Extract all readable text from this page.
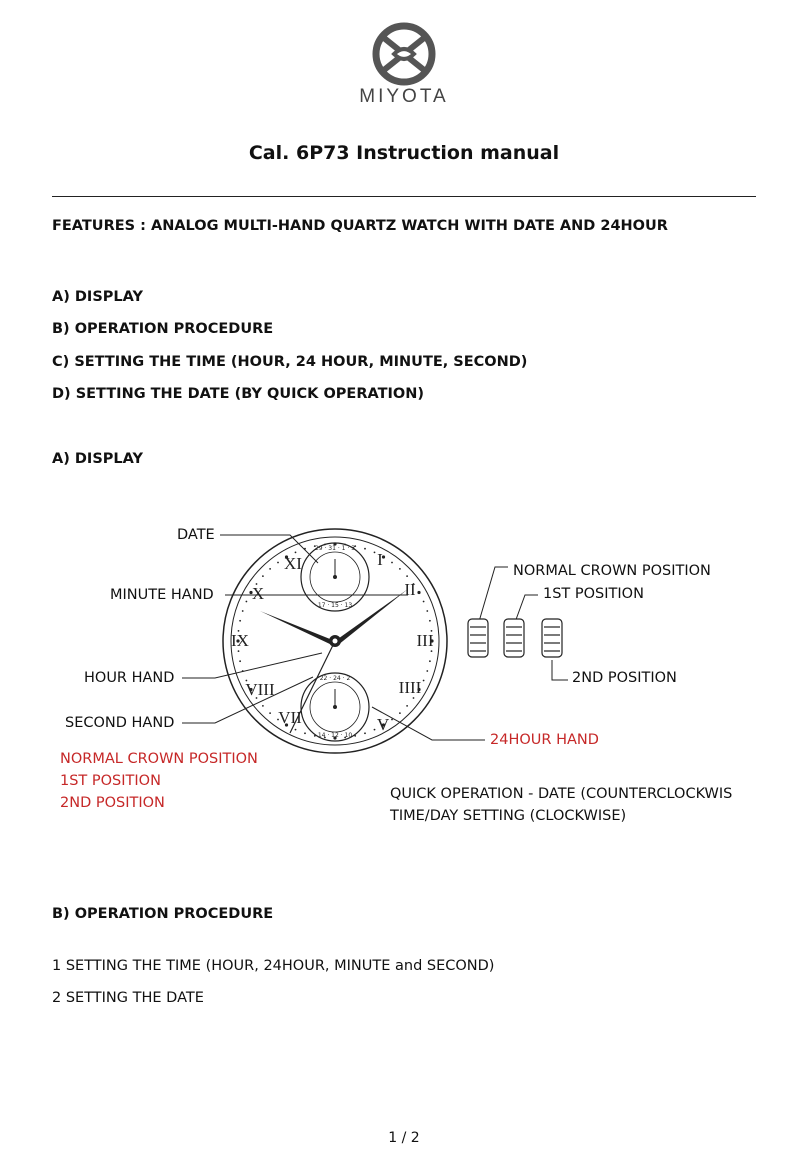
MIYOTA
Cal. 6P73 Instruction manual
FEATURES : ANALOG MULTI-HAND QUARTZ WATCH WITH DATE AND 24HOUR
A) DISPLAY
B) OPERATION PROCEDURE
C) SETTING THE TIME (HOUR, 24 HOUR, MINUTE, SECOND)
D) SETTING THE DATE (BY QUICK OPERATION)
A) DISPLAY
II
III
IIII
V
VIII
IX
X
XI	I
VII
29 · 31 · 1 · 3
17 · 15 · 13
22 · 24 · 2
14 · 12 · 10
DATE
MINUTE HAND
HOUR HAND
SECOND HAND
NORMAL CROWN POSITION
1ST POSITION
2ND POSITION
24HOUR HAND
NORMAL CROWN POSITION
1ST POSITION
2ND POSITION
QUICK OPERATION - DATE (COUNTERCLOCKWIS
TIME/DAY SETTING (CLOCKWISE)
B) OPERATION PROCEDURE
1 SETTING THE TIME (HOUR, 24HOUR, MINUTE and SECOND)
2 SETTING THE DATE
1 / 2
